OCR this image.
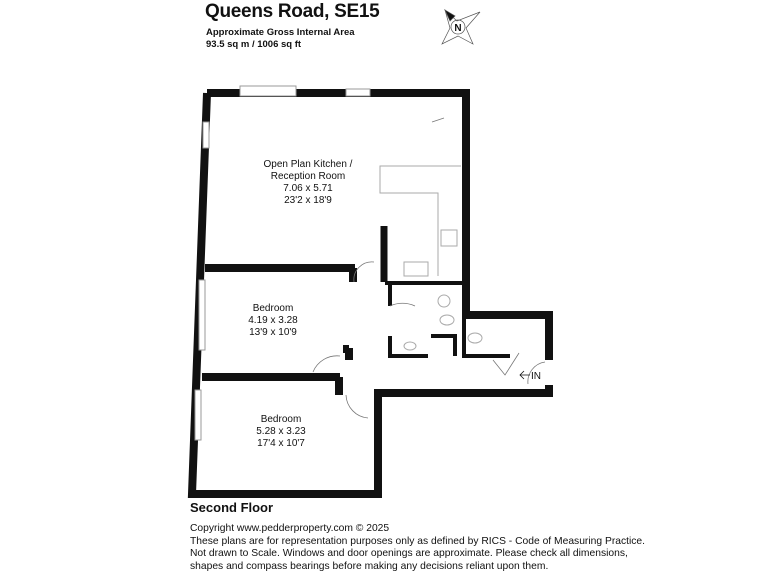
Queens Road, SE15
Approximate Gross Internal Area
93.5 sq m / 1006 sq ft
N
IN
Open Plan Kitchen /
Reception Room
7.06 x 5.71
23'2 x 18'9
Bedroom
4.19 x 3.28
13'9 x 10'9
Bedroom
5.28 x 3.23
17'4 x 10'7
Second Floor
Copyright www.pedderproperty.com © 2025
These plans are for representation purposes only as defined by RICS - Code of Measuring Practice.
Not drawn to Scale. Windows and door openings are approximate. Please check all dimensions,
shapes and compass bearings before making any decisions reliant upon them.
